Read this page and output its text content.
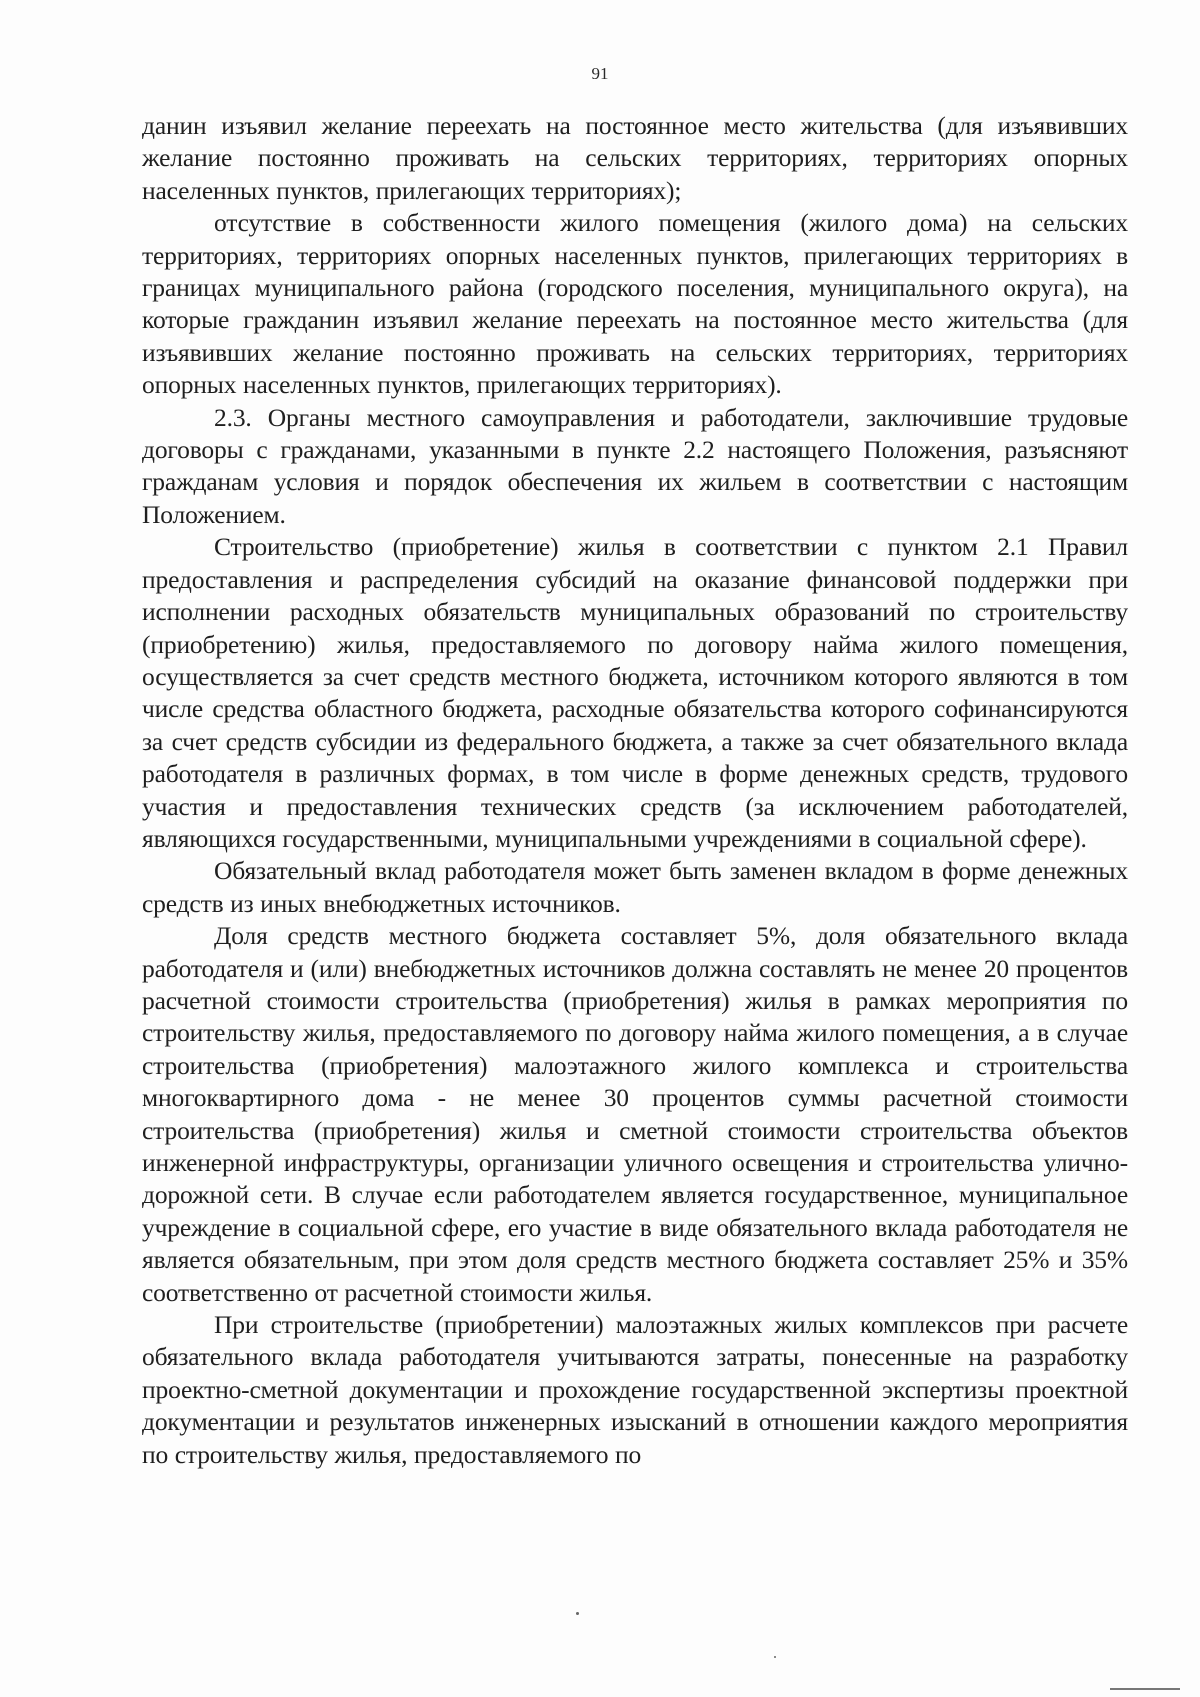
91

данин изъявил желание переехать на постоянное место жительства (для изъявивших желание постоянно проживать на сельских территориях, территориях опорных населенных пунктов, прилегающих территориях);

отсутствие в собственности жилого помещения (жилого дома) на сельских территориях, территориях опорных населенных пунктов, прилегающих территориях в границах муниципального района (городского поселения, муниципального округа), на которые гражданин изъявил желание переехать на постоянное место жительства (для изъявивших желание постоянно проживать на сельских территориях, территориях опорных населенных пунктов, прилегающих территориях).

2.3. Органы местного самоуправления и работодатели, заключившие трудовые договоры с гражданами, указанными в пункте 2.2 настоящего Положения, разъясняют гражданам условия и порядок обеспечения их жильем в соответствии с настоящим Положением.

Строительство (приобретение) жилья в соответствии с пунктом 2.1 Правил предоставления и распределения субсидий на оказание финансовой поддержки при исполнении расходных обязательств муниципальных образований по строительству (приобретению) жилья, предоставляемого по договору найма жилого помещения, осуществляется за счет средств местного бюджета, источником которого являются в том числе средства областного бюджета, расходные обязательства которого софинансируются за счет средств субсидии из федерального бюджета, а также за счет обязательного вклада работодателя в различных формах, в том числе в форме денежных средств, трудового участия и предоставления технических средств (за исключением работодателей, являющихся государственными, муниципальными учреждениями в социальной сфере).

Обязательный вклад работодателя может быть заменен вкладом в форме денежных средств из иных внебюджетных источников.

Доля средств местного бюджета составляет 5%, доля обязательного вклада работодателя и (или) внебюджетных источников должна составлять не менее 20 процентов расчетной стоимости строительства (приобретения) жилья в рамках мероприятия по строительству жилья, предоставляемого по договору найма жилого помещения, а в случае строительства (приобретения) малоэтажного жилого комплекса и строительства многоквартирного дома - не менее 30 процентов суммы расчетной стоимости строительства (приобретения) жилья и сметной стоимости строительства объектов инженерной инфраструктуры, организации уличного освещения и строительства улично-дорожной сети. В случае если работодателем является государственное, муниципальное учреждение в социальной сфере, его участие в виде обязательного вклада работодателя не является обязательным, при этом доля средств местного бюджета составляет 25% и 35% соответственно от расчетной стоимости жилья.

При строительстве (приобретении) малоэтажных жилых комплексов при расчете обязательного вклада работодателя учитываются затраты, понесенные на разработку проектно-сметной документации и прохождение государственной экспертизы проектной документации и результатов инженерных изысканий в отношении каждого мероприятия по строительству жилья, предоставляемого по
